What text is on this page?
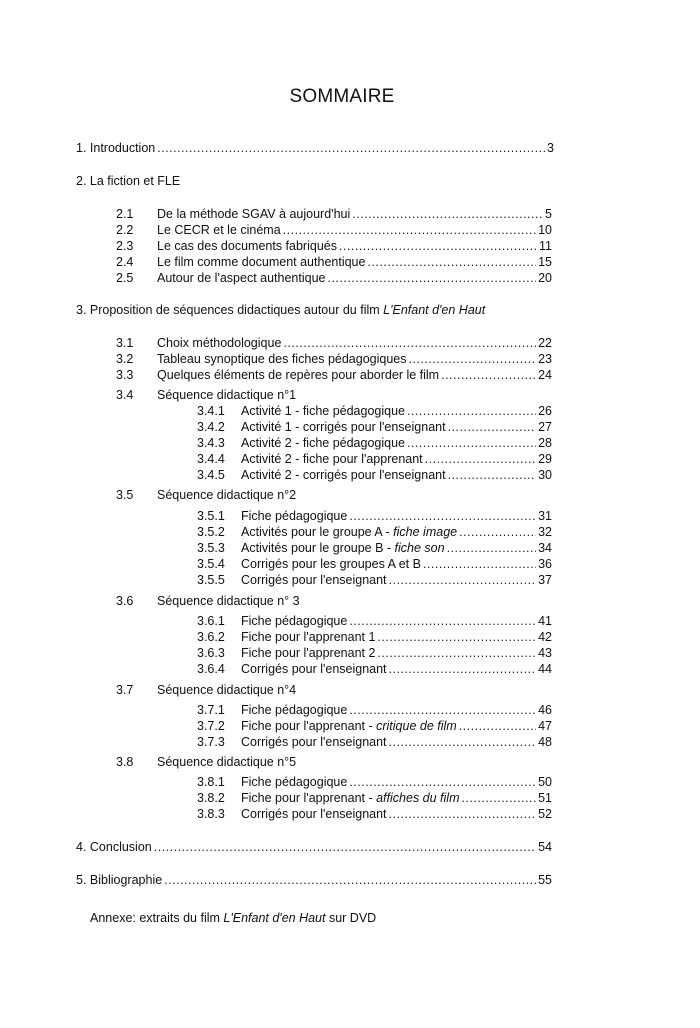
SOMMAIRE
1. Introduction .....	3
2. La fiction et FLE
2.1	De la méthode SGAV à aujourd'hui .....	5
2.2	Le CECR et le cinéma .....	10
2.3	Le cas des documents fabriqués .....	11
2.4	Le film comme document authentique .....	15
2.5	Autour de l'aspect authentique .....	20
3. Proposition de séquences didactiques autour du film L'Enfant d'en Haut
3.1	Choix méthodologique .....	22
3.2	Tableau synoptique des fiches pédagogiques .....	23
3.3	Quelques éléments de repères pour aborder le film .....	24
3.4 Séquence didactique n°1
3.4.1	Activité 1 - fiche pédagogique .....	26
3.4.2	Activité 1 - corrigés pour l'enseignant .....	27
3.4.3	Activité 2 - fiche pédagogique .....	28
3.4.4	Activité 2 - fiche pour l'apprenant .....	29
3.4.5	Activité 2 - corrigés pour l'enseignant .....	30
3.5 Séquence didactique n°2
3.5.1	Fiche pédagogique .....	31
3.5.2	Activités pour le groupe A - fiche image .....	32
3.5.3	Activités pour le groupe B - fiche son .....	34
3.5.4	Corrigés pour les groupes A et B .....	36
3.5.5	Corrigés pour l'enseignant .....	37
3.6 Séquence didactique n° 3
3.6.1	Fiche pédagogique .....	41
3.6.2	Fiche pour l'apprenant 1 .....	42
3.6.3	Fiche pour l'apprenant 2 .....	43
3.6.4	Corrigés pour l'enseignant .....	44
3.7 Séquence didactique n°4
3.7.1	Fiche pédagogique .....	46
3.7.2	Fiche pour l'apprenant - critique de film .....	47
3.7.3	Corrigés pour l'enseignant .....	48
3.8 Séquence didactique n°5
3.8.1	Fiche pédagogique .....	50
3.8.2	Fiche pour l'apprenant - affiches du film .....	51
3.8.3	Corrigés pour l'enseignant .....	52
4. Conclusion .....	54
5. Bibliographie .....	55
Annexe: extraits du film L'Enfant d'en Haut sur DVD
